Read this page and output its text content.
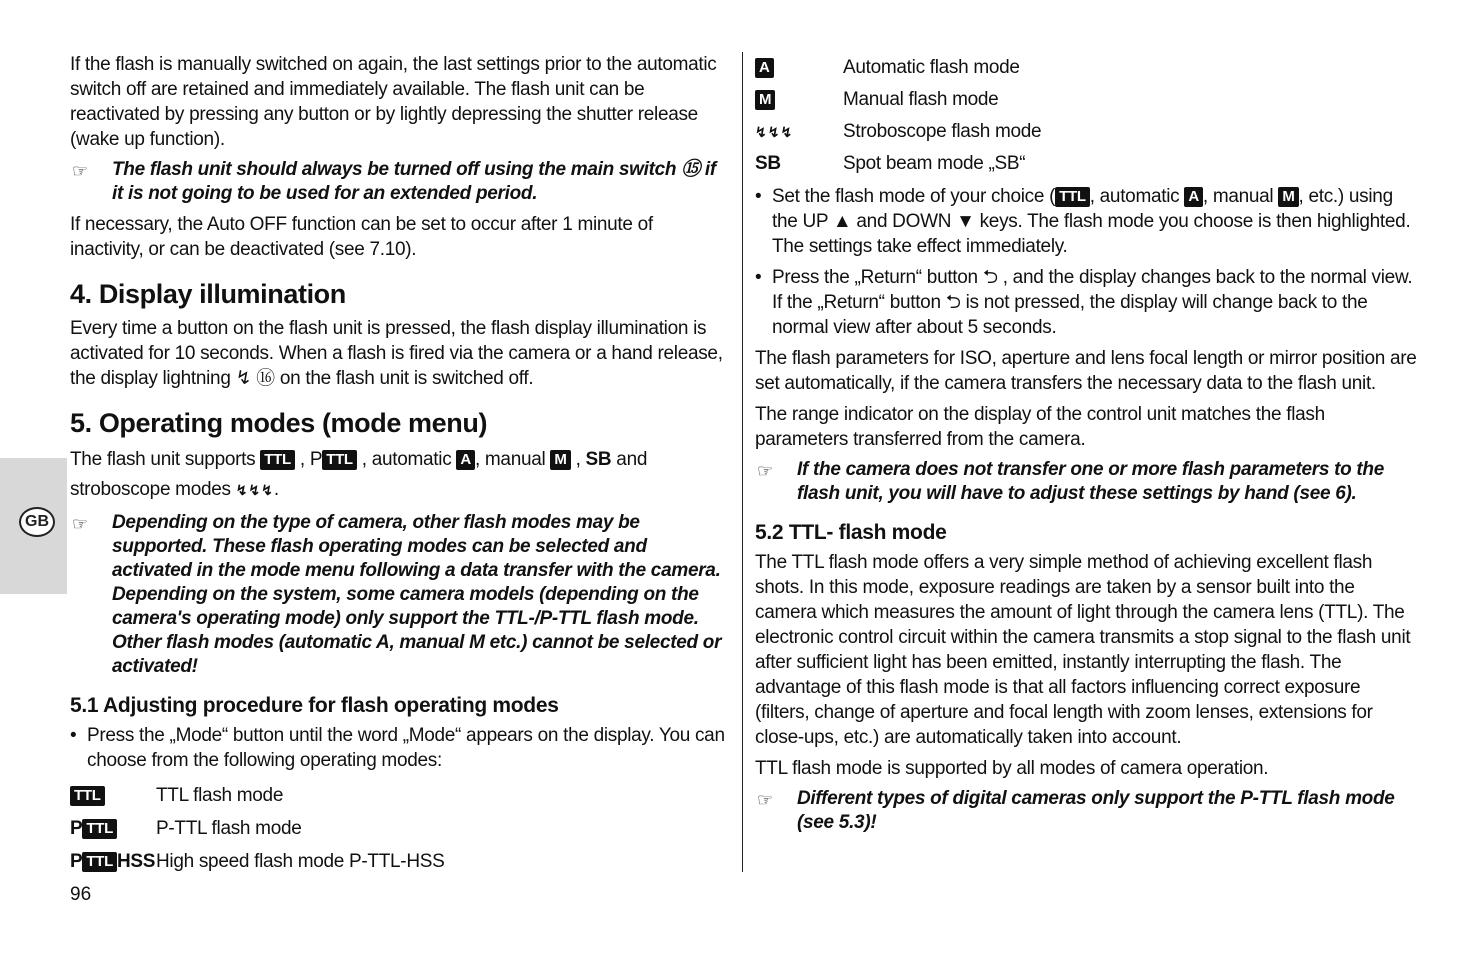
GB

If the flash is manually switched on again, the last settings prior to the automatic switch off are retained and immediately available. The flash unit can be reactivated by pressing any button or by lightly depressing the shutter release (wake up function).

☞ The flash unit should always be turned off using the main switch ⑮ if it is not going to be used for an extended period.

If necessary, the Auto OFF function can be set to occur after 1 minute of inactivity, or can be deactivated (see 7.10).

4. Display illumination

Every time a button on the flash unit is pressed, the flash display illumination is activated for 10 seconds. When a flash is fired via the camera or a hand release, the display lightning ↯ ⑯ on the flash unit is switched off.

5. Operating modes (mode menu)

The flash unit supports TTL , P TTL , automatic A , manual M , SB and stroboscope modes ↯↯↯.

☞ Depending on the type of camera, other flash modes may be supported. These flash operating modes can be selected and activated in the mode menu following a data transfer with the camera. Depending on the system, some camera models (depending on the camera's operating mode) only support the TTL-/P-TTL flash mode. Other flash modes (automatic A, manual M etc.) cannot be selected or activated!
5.1 Adjusting procedure for flash operating modes
• Press the „Mode“ button until the word „Mode“ appears on the display. You can choose from the following operating modes:
TTL	TTL flash mode
P TTL P-TTL flash mode
P TTL HSS High speed flash mode P-TTL-HSS
A	Automatic flash mode
M	Manual flash mode
↯↯↯	Stroboscope flash mode
SB	Spot beam mode „SB“
• Set the flash mode of your choice ( TTL , automatic A , manual M , etc.) using the UP ▲ and DOWN ▼ keys. The flash mode you choose is then highlighted. The settings take effect immediately.
• Press the „Return“ button ⮌ , and the display changes back to the normal view. If the „Return“ button ⮌ is not pressed, the display will change back to the normal view after about 5 seconds.

The flash parameters for ISO, aperture and lens focal length or mirror position are set automatically, if the camera transfers the necessary data to the flash unit.

The range indicator on the display of the control unit matches the flash parameters transferred from the camera.

☞ If the camera does not transfer one or more flash parameters to the flash unit, you will have to adjust these settings by hand (see 6).
5.2 TTL- flash mode

The TTL flash mode offers a very simple method of achieving excellent flash shots. In this mode, exposure readings are taken by a sensor built into the camera which measures the amount of light through the camera lens (TTL). The electronic control circuit within the camera transmits a stop signal to the flash unit after sufficient light has been emitted, instantly interrupting the flash. The advantage of this flash mode is that all factors influencing correct exposure (filters, change of aperture and focal length with zoom lenses, extensions for close-ups, etc.) are automatically taken into account.

TTL flash mode is supported by all modes of camera operation.

☞ Different types of digital cameras only support the P-TTL flash mode (see 5.3)!
96
